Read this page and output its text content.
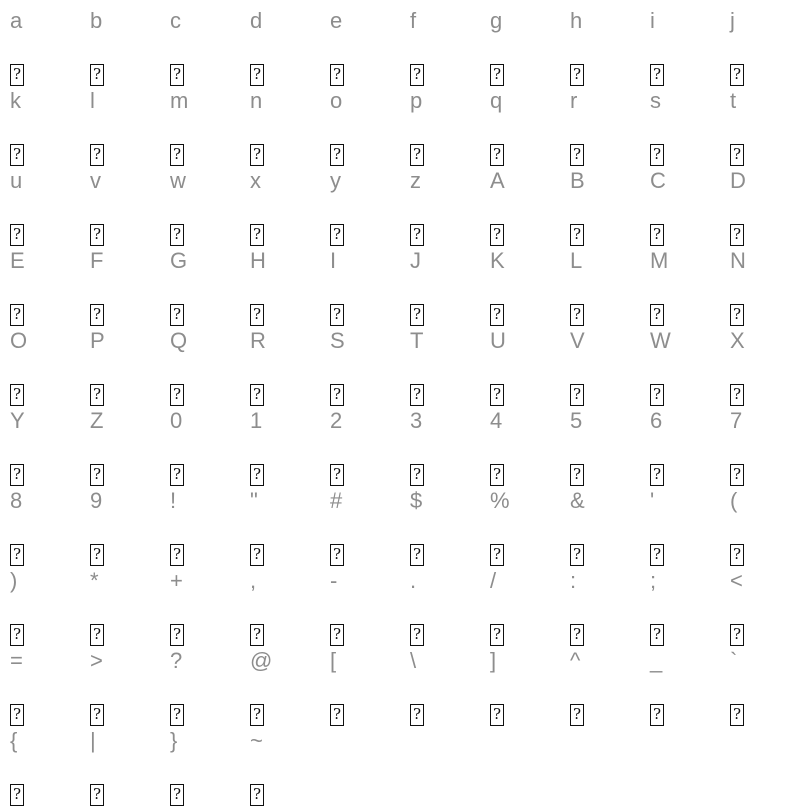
a
?
b
?
c
?
d
?
e
?
f
?
g
?
h
?
i
?
j
?
k
?
l
?
m
?
n
?
o
?
p
?
q
?
r
?
s
?
t
?
u
?
v
?
w
?
x
?
y
?
z
?
A
?
B
?
C
?
D
?
E
?
F
?
G
?
H
?
I
?
J
?
K
?
L
?
M
?
N
?
O
?
P
?
Q
?
R
?
S
?
T
?
U
?
V
?
W
?
X
?
Y
?
Z
?
0
?
1
?
2
?
3
?
4
?
5
?
6
?
7
?
8
?
9
?
!
?
"
?
#
?
$
?
%
?
&
?
'
?
(
?
)
?
*
?
+
?
,
?
-
?
.
?
/
?
:
?
;
?
<
?
=
?
>
?
?
?
@
?
[
?
\
?
]
?
^
?
_
?
`
?
{
?
|
?
}
?
~
?
